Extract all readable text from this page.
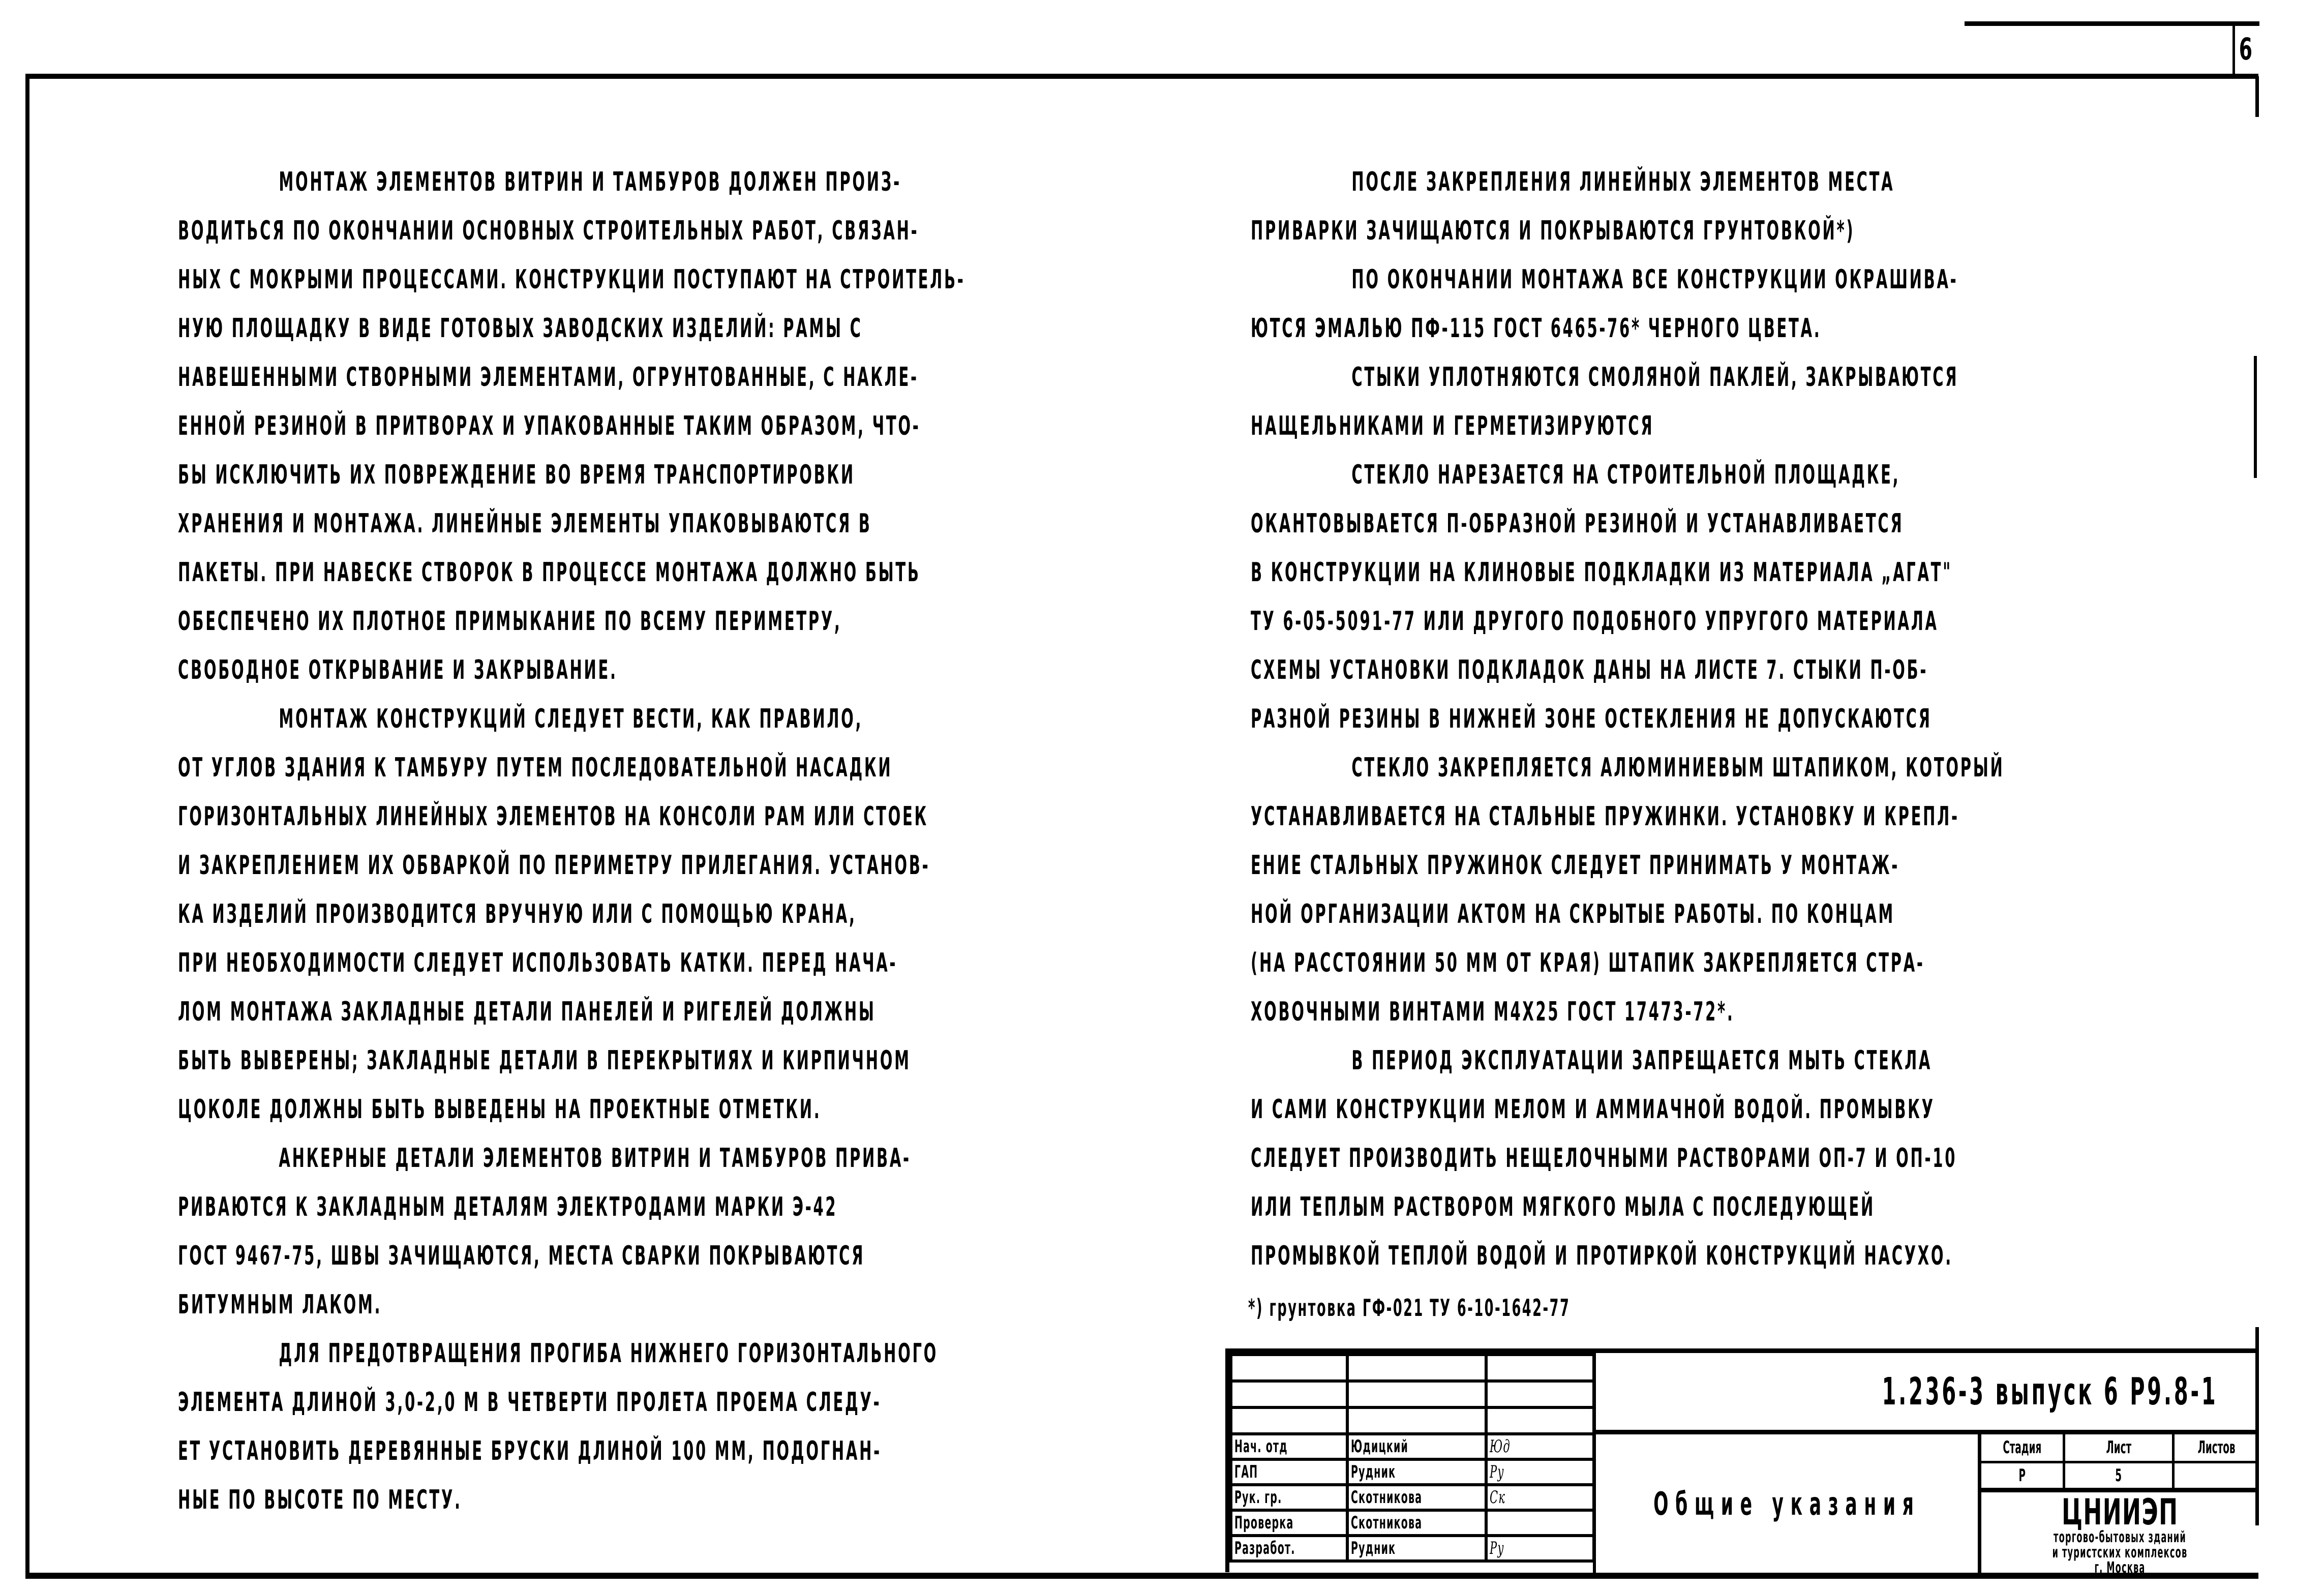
6
МОНТАЖ ЭЛЕМЕНТОВ ВИТРИН И ТАМБУРОВ ДОЛЖЕН ПРОИЗ-
ВОДИТЬСЯ ПО ОКОНЧАНИИ ОСНОВНЫХ СТРОИТЕЛЬНЫХ РАБОТ, СВЯЗАН-
НЫХ С МОКРЫМИ ПРОЦЕССАМИ. КОНСТРУКЦИИ ПОСТУПАЮТ НА СТРОИТЕЛЬ-
НУЮ ПЛОЩАДКУ В ВИДЕ ГОТОВЫХ ЗАВОДСКИХ ИЗДЕЛИЙ: РАМЫ С
НАВЕШЕННЫМИ СТВОРНЫМИ ЭЛЕМЕНТАМИ, ОГРУНТОВАННЫЕ, С НАКЛЕ-
ЕННОЙ РЕЗИНОЙ В ПРИТВОРАХ И УПАКОВАННЫЕ ТАКИМ ОБРАЗОМ, ЧТО-
БЫ ИСКЛЮЧИТЬ ИХ ПОВРЕЖДЕНИЕ ВО ВРЕМЯ ТРАНСПОРТИРОВКИ
ХРАНЕНИЯ И МОНТАЖА. ЛИНЕЙНЫЕ ЭЛЕМЕНТЫ УПАКОВЫВАЮТСЯ В
ПАКЕТЫ. ПРИ НАВЕСКЕ СТВОРОК В ПРОЦЕССЕ МОНТАЖА ДОЛЖНО БЫТЬ
ОБЕСПЕЧЕНО ИХ ПЛОТНОЕ ПРИМЫКАНИЕ ПО ВСЕМУ ПЕРИМЕТРУ,
СВОБОДНОЕ ОТКРЫВАНИЕ И ЗАКРЫВАНИЕ.
МОНТАЖ КОНСТРУКЦИЙ СЛЕДУЕТ ВЕСТИ, КАК ПРАВИЛО,
ОТ УГЛОВ ЗДАНИЯ К ТАМБУРУ ПУТЕМ ПОСЛЕДОВАТЕЛЬНОЙ НАСАДКИ
ГОРИЗОНТАЛЬНЫХ ЛИНЕЙНЫХ ЭЛЕМЕНТОВ НА КОНСОЛИ РАМ ИЛИ СТОЕК
И ЗАКРЕПЛЕНИЕМ ИХ ОБВАРКОЙ ПО ПЕРИМЕТРУ ПРИЛЕГАНИЯ. УСТАНОВ-
КА ИЗДЕЛИЙ ПРОИЗВОДИТСЯ ВРУЧНУЮ ИЛИ С ПОМОЩЬЮ КРАНА,
ПРИ НЕОБХОДИМОСТИ СЛЕДУЕТ ИСПОЛЬЗОВАТЬ КАТКИ. ПЕРЕД НАЧА-
ЛОМ МОНТАЖА ЗАКЛАДНЫЕ ДЕТАЛИ ПАНЕЛЕЙ И РИГЕЛЕЙ ДОЛЖНЫ
БЫТЬ ВЫВЕРЕНЫ; ЗАКЛАДНЫЕ ДЕТАЛИ В ПЕРЕКРЫТИЯХ И КИРПИЧНОМ
ЦОКОЛЕ ДОЛЖНЫ БЫТЬ ВЫВЕДЕНЫ НА ПРОЕКТНЫЕ ОТМЕТКИ.
АНКЕРНЫЕ ДЕТАЛИ ЭЛЕМЕНТОВ ВИТРИН И ТАМБУРОВ ПРИВА-
РИВАЮТСЯ К ЗАКЛАДНЫМ ДЕТАЛЯМ ЭЛЕКТРОДАМИ МАРКИ Э-42
ГОСТ 9467-75, ШВЫ ЗАЧИЩАЮТСЯ, МЕСТА СВАРКИ ПОКРЫВАЮТСЯ
БИТУМНЫМ ЛАКОМ.
ДЛЯ ПРЕДОТВРАЩЕНИЯ ПРОГИБА НИЖНЕГО ГОРИЗОНТАЛЬНОГО
ЭЛЕМЕНТА ДЛИНОЙ 3,0-2,0 М В ЧЕТВЕРТИ ПРОЛЕТА ПРОЕМА СЛЕДУ-
ЕТ УСТАНОВИТЬ ДЕРЕВЯННЫЕ БРУСКИ ДЛИНОЙ 100 ММ, ПОДОГНАН-
НЫЕ ПО ВЫСОТЕ ПО МЕСТУ.
ПОСЛЕ ЗАКРЕПЛЕНИЯ ЛИНЕЙНЫХ ЭЛЕМЕНТОВ МЕСТА
ПРИВАРКИ ЗАЧИЩАЮТСЯ И ПОКРЫВАЮТСЯ ГРУНТОВКОЙ*)
ПО ОКОНЧАНИИ МОНТАЖА ВСЕ КОНСТРУКЦИИ ОКРАШИВА-
ЮТСЯ ЭМАЛЬЮ ПФ-115 ГОСТ 6465-76* ЧЕРНОГО ЦВЕТА.
СТЫКИ УПЛОТНЯЮТСЯ СМОЛЯНОЙ ПАКЛЕЙ, ЗАКРЫВАЮТСЯ
НАЩЕЛЬНИКАМИ И ГЕРМЕТИЗИРУЮТСЯ
СТЕКЛО НАРЕЗАЕТСЯ НА СТРОИТЕЛЬНОЙ ПЛОЩАДКЕ,
ОКАНТОВЫВАЕТСЯ П-ОБРАЗНОЙ РЕЗИНОЙ И УСТАНАВЛИВАЕТСЯ
В КОНСТРУКЦИИ НА КЛИНОВЫЕ ПОДКЛАДКИ ИЗ МАТЕРИАЛА „АГАТ"
ТУ 6-05-5091-77 ИЛИ ДРУГОГО ПОДОБНОГО УПРУГОГО МАТЕРИАЛА
СХЕМЫ УСТАНОВКИ ПОДКЛАДОК ДАНЫ НА ЛИСТЕ 7. СТЫКИ П-ОБ-
РАЗНОЙ РЕЗИНЫ В НИЖНЕЙ ЗОНЕ ОСТЕКЛЕНИЯ НЕ ДОПУСКАЮТСЯ
СТЕКЛО ЗАКРЕПЛЯЕТСЯ АЛЮМИНИЕВЫМ ШТАПИКОМ, КОТОРЫЙ
УСТАНАВЛИВАЕТСЯ НА СТАЛЬНЫЕ ПРУЖИНКИ. УСТАНОВКУ И КРЕПЛ-
ЕНИЕ СТАЛЬНЫХ ПРУЖИНОК СЛЕДУЕТ ПРИНИМАТЬ У МОНТАЖ-
НОЙ ОРГАНИЗАЦИИ АКТОМ НА СКРЫТЫЕ РАБОТЫ. ПО КОНЦАМ
(НА РАССТОЯНИИ 50 ММ ОТ КРАЯ) ШТАПИК ЗАКРЕПЛЯЕТСЯ СТРА-
ХОВОЧНЫМИ ВИНТАМИ М4Х25 ГОСТ 17473-72*.
В ПЕРИОД ЭКСПЛУАТАЦИИ ЗАПРЕЩАЕТСЯ МЫТЬ СТЕКЛА
И САМИ КОНСТРУКЦИИ МЕЛОМ И АММИАЧНОЙ ВОДОЙ. ПРОМЫВКУ
СЛЕДУЕТ ПРОИЗВОДИТЬ НЕЩЕЛОЧНЫМИ РАСТВОРАМИ ОП-7 И ОП-10
ИЛИ ТЕПЛЫМ РАСТВОРОМ МЯГКОГО МЫЛА С ПОСЛЕДУЮЩЕЙ
ПРОМЫВКОЙ ТЕПЛОЙ ВОДОЙ И ПРОТИРКОЙ КОНСТРУКЦИЙ НАСУХО.
*) грунтовка ГФ-021 ТУ 6-10-1642-77

Нач. отд	Юдицкий	Юд
ГАП	Рудник	Ру
Рук. гр.	Скотникова	Ск
Проверка	Скотникова	
Разработ.	Рудник	Ру
1.236-3 выпуск 6 Р9.8-1
Общие указания
Стадия	Лист	Листов
Р	5
ЦНИИЭП
торгово-бытовых зданий
и туристских комплексов
г. Москва
